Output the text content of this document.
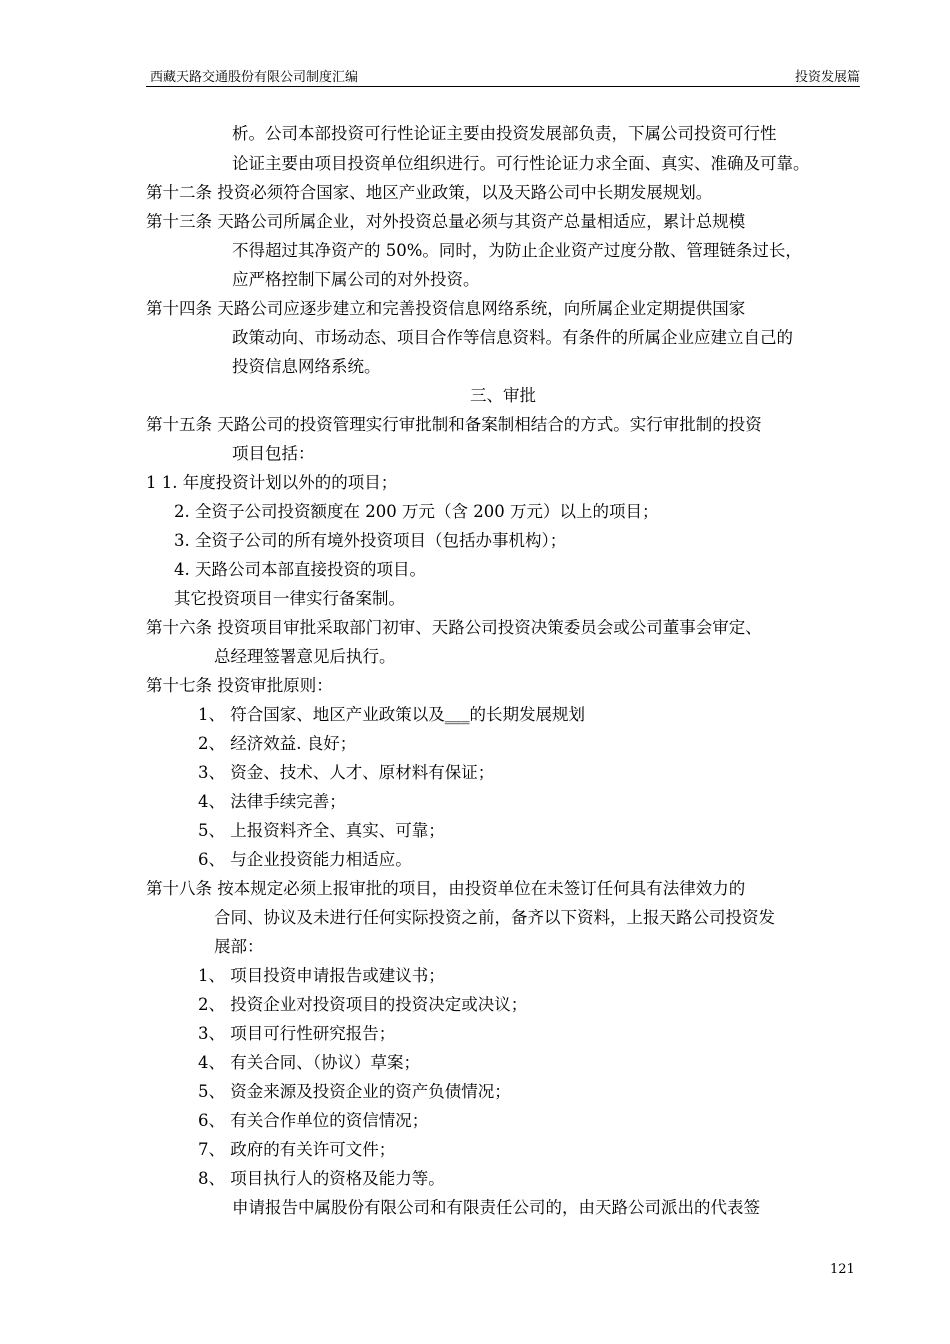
西藏天路交通股份有限公司制度汇编	投资发展篇
析。公司本部投资可行性论证主要由投资发展部负责，下属公司投资可行性
论证主要由项目投资单位组织进行。可行性论证力求全面、真实、准确及可靠。
第十二条 投资必须符合国家、地区产业政策，以及天路公司中长期发展规划。
第十三条 天路公司所属企业，对外投资总量必须与其资产总量相适应，累计总规模
不得超过其净资产的 50%。同时，为防止企业资产过度分散、管理链条过长，
应严格控制下属公司的对外投资。
第十四条 天路公司应逐步建立和完善投资信息网络系统，向所属企业定期提供国家
政策动向、市场动态、项目合作等信息资料。有条件的所属企业应建立自己的
投资信息网络系统。
三、审批
第十五条 天路公司的投资管理实行审批制和备案制相结合的方式。实行审批制的投资
项目包括：
1 1. 年度投资计划以外的的项目；
2. 全资子公司投资额度在 200 万元（含 200 万元）以上的项目；
3. 全资子公司的所有境外投资项目（包括办事机构）；
4. 天路公司本部直接投资的项目。
其它投资项目一律实行备案制。
第十六条 投资项目审批采取部门初审、天路公司投资决策委员会或公司董事会审定、
总经理签署意见后执行。
第十七条 投资审批原则：
1、 符合国家、地区产业政策以及‗‗‗的长期发展规划
2、 经济效益. 良好；
3、 资金、技术、人才、原材料有保证；
4、 法律手续完善；
5、 上报资料齐全、真实、可靠；
6、 与企业投资能力相适应。
第十八条 按本规定必须上报审批的项目，由投资单位在未签订任何具有法律效力的
合同、协议及未进行任何实际投资之前，备齐以下资料，上报天路公司投资发
展部：
1、 项目投资申请报告或建议书；
2、 投资企业对投资项目的投资决定或决议；
3、 项目可行性研究报告；
4、 有关合同、（协议）草案；
5、 资金来源及投资企业的资产负债情况；
6、 有关合作单位的资信情况；
7、 政府的有关许可文件；
8、 项目执行人的资格及能力等。
申请报告中属股份有限公司和有限责任公司的，由天路公司派出的代表签
121
